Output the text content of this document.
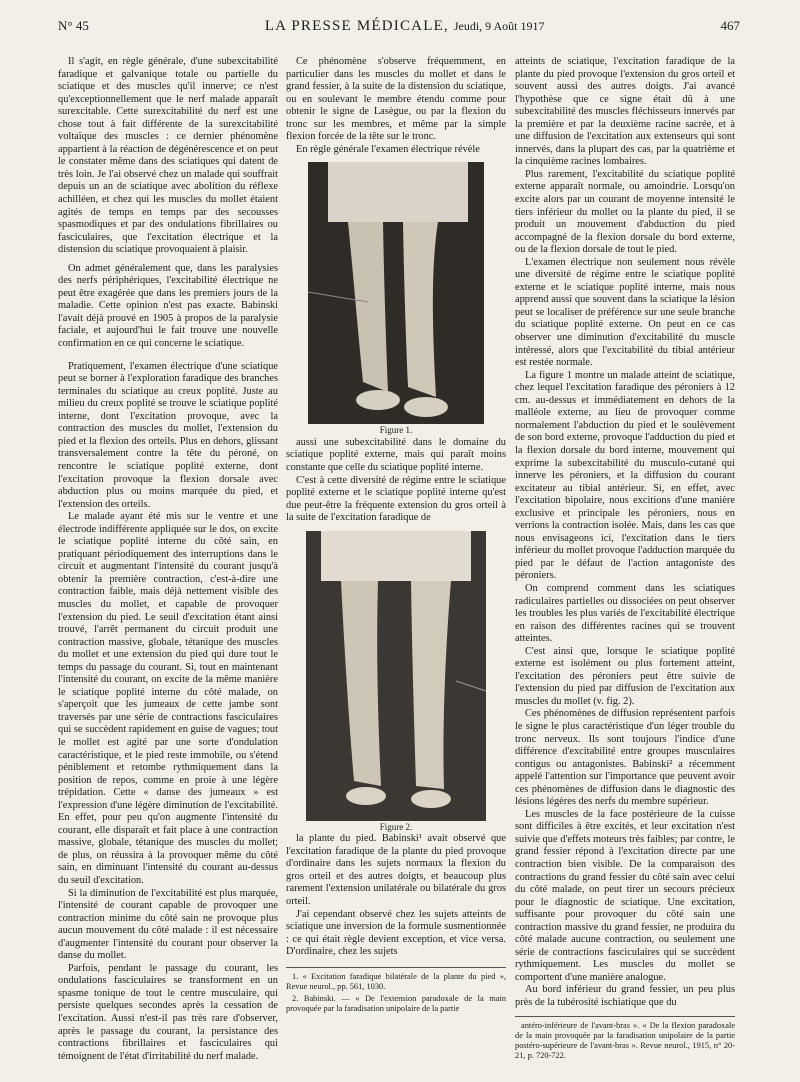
N° 45	LA PRESSE MÉDICALE, Jeudi, 9 Août 1917	467

Il s'agit, en règle générale, d'une subexcitabilité faradique et galvanique totale ou partielle du sciatique et des muscles qu'il innerve; ce n'est qu'exceptionnellement que le nerf malade apparaît surexcitable. Cette surexcitabilité du nerf est une chose tout à fait différente de la surexcitabilité voltaïque des muscles : ce dernier phénomène appartient à la réaction de dégénérescence et on peut le constater même dans des sciatiques qui datent de très loin. Je l'ai observé chez un malade qui souffrait depuis un an de sciatique avec abolition du réflexe achilléen, et chez qui les muscles du mollet étaient agités de temps en temps par des secousses spasmodiques et par des ondulations fibrillaires ou fasciculaires, que l'excitation électrique et la distension du sciatique provoquaient à plaisir.

On admet généralement que, dans les paralysies des nerfs périphériques, l'excitabilité électrique ne peut être exagérée que dans les premiers jours de la maladie. Cette opinion n'est pas exacte. Babinski l'avait déjà prouvé en 1905 à propos de la paralysie faciale, et aujourd'hui le fait trouve une nouvelle confirmation en ce qui concerne le sciatique.

Pratiquement, l'examen électrique d'une sciatique peut se borner à l'exploration faradique des branches terminales du sciatique au creux poplité. Juste au milieu du creux poplité se trouve le sciatique poplité interne, dont l'excitation provoque, avec la contraction des muscles du mollet, l'extension du pied et la flexion des orteils. Plus en dehors, glissant transversalement contre la tête du péroné, on rencontre le sciatique poplité externe, dont l'excitation provoque la flexion dorsale avec abduction plus ou moins marquée du pied, et l'extension des orteils.

Le malade ayant été mis sur le ventre et une électrode indifférente appliquée sur le dos, on excite le sciatique poplité interne du côté sain, en pratiquant périodiquement des interruptions dans le circuit et augmentant l'intensité du courant jusqu'à obtenir la première contraction, c'est-à-dire une contraction faible, mais déjà nettement visible des muscles du mollet, et capable de provoquer l'extension du pied. Le seuil d'excitation étant ainsi trouvé, l'arrêt permanent du circuit produit une contraction massive, globale, tétanique des muscles du mollet et une extension du pied qui dure tout le temps du passage du courant. Si, tout en maintenant l'intensité du courant, on excite de la même manière le sciatique poplité interne du côté malade, on s'aperçoit que les jumeaux de cette jambe sont traversés par une série de contractions fasciculaires qui se succèdent rapidement en guise de vagues; tout le mollet est agité par une sorte d'ondulation caractéristique, et le pied reste immobile, ou s'étend péniblement et retombe rythmiquement dans la position de repos, comme en proie à une légère trépidation. Cette « danse des jumeaux » est l'expression d'une légère diminution de l'excitabilité. En effet, pour peu qu'on augmente l'intensité du courant, elle disparaît et fait place à une contraction massive, globale, tétanique des muscles du mollet; de plus, on réussira à la provoquer même du côté sain, en diminuant l'intensité du courant au-dessus du seuil d'excitation.

Si la diminution de l'excitabilité est plus marquée, l'intensité de courant capable de provoquer une contraction minime du côté sain ne provoque plus aucun mouvement du côté malade : il est nécessaire d'augmenter l'intensité du courant pour observer la danse du mollet.

Parfois, pendant le passage du courant, les ondulations fasciculaires se transforment en un spasme tonique de tout le centre musculaire, qui persiste quelques secondes après la cessation de l'excitation. Aussi n'est-il pas très rare d'observer, après le passage du courant, la persistance des contractions fibrillaires et fasciculaires qui témoignent de l'état d'irritabilité du nerf malade.

Ce phénomène s'observe fréquemment, en particulier dans les muscles du mollet et dans le grand fessier, à la suite de la distension du sciatique, ou en soulevant le membre étendu comme pour obtenir le signe de Lasègue, ou par la flexion du tronc sur les membres, et même par la simple flexion forcée de la tête sur le tronc.

En règle générale l'examen électrique révèle

Figure 1.

aussi une subexcitabilité dans le domaine du sciatique poplité externe, mais qui paraît moins constante que celle du sciatique poplité interne.

C'est à cette diversité de régime entre le sciatique poplité externe et le sciatique poplité interne qu'est due peut-être la fréquente extension du gros orteil à la suite de l'excitation faradique de

Figure 2.

la plante du pied. Babinski¹ avait observé que l'excitation faradique de la plante du pied provoque d'ordinaire dans les sujets normaux la flexion du gros orteil et des autres doigts, et beaucoup plus rarement l'extension unilatérale ou bilatérale du gros orteil.

J'ai cependant observé chez les sujets atteints de sciatique une inversion de la formule susmentionnée : ce qui était règle devient exception, et vice versa. D'ordinaire, chez les sujets

1. « Excitation faradique bilatérale de la plante du pied », Revue neurol., pp. 561, 1030.
2. Babinski. — « De l'extension paradoxale de la main provoquée par la faradisation unipolaire de la partie

atteints de sciatique, l'excitation faradique de la plante du pied provoque l'extension du gros orteil et souvent aussi des autres doigts. J'ai avancé l'hypothèse que ce signe était dû à une subexcitabilité des muscles fléchisseurs innervés par la première et par la deuxième racine sacrée, et à une diffusion de l'excitation aux extenseurs qui sont innervés, dans la plupart des cas, par la quatrième et la cinquième racines lombaires.

Plus rarement, l'excitabilité du sciatique poplité externe apparaît normale, ou amoindrie. Lorsqu'on excite alors par un courant de moyenne intensité le tiers inférieur du mollet ou la plante du pied, il se produit un mouvement d'abduction du pied accompagné de la flexion dorsale du bord externe, ou de la flexion dorsale de tout le pied.

L'examen électrique non seulement nous révèle une diversité de régime entre le sciatique poplité externe et le sciatique poplité interne, mais nous apprend aussi que souvent dans la sciatique la lésion peut se localiser de préférence sur une seule branche du sciatique poplité externe. On peut en ce cas observer une diminution d'excitabilité du muscle intéressé, alors que l'excitabilité du tibial antérieur est restée normale.

La figure 1 montre un malade atteint de sciatique, chez lequel l'excitation faradique des péroniers à 12 cm. au-dessus et immédiatement en dehors de la malléole externe, au lieu de provoquer comme normalement l'abduction du pied et le soulèvement de son bord externe, provoque l'adduction du pied et la flexion dorsale du bord interne, mouvement qui exprime la subexcitabilité du musculo-cutané qui innerve les péroniers, et la diffusion du courant excitateur au tibial antérieur. Si, en effet, avec l'excitation bipolaire, nous excitions d'une manière exclusive et principale les péroniers, nous en verrions la contraction isolée. Mais, dans les cas que nous envisageons ici, l'excitation dans le tiers inférieur du mollet provoque l'adduction marquée du pied par le défaut de l'action antagoniste des péroniers.

On comprend comment dans les sciatiques radiculaires partielles ou dissociées on peut observer les troubles les plus variés de l'excitabilité électrique en raison des différentes racines qui se trouvent atteintes.

C'est ainsi que, lorsque le sciatique poplité externe est isolément ou plus fortement atteint, l'excitation des péroniers peut être suivie de l'extension du pied par diffusion de l'excitation aux muscles du mollet (v. fig. 2).

Ces phénomènes de diffusion représentent parfois le signe le plus caractéristique d'un léger trouble du tronc nerveux. Ils sont toujours l'indice d'une différence d'excitabilité entre groupes musculaires contigus ou antagonistes. Babinski² a récemment appelé l'attention sur l'importance que peuvent avoir ces phénomènes de diffusion dans le diagnostic des lésions légères des nerfs du membre supérieur.

Les muscles de la face postérieure de la cuisse sont difficiles à être excités, et leur excitation n'est suivie que d'effets moteurs très faibles; par contre, le grand fessier répond à l'excitation directe par une contraction bien visible. De la comparaison des contractions du grand fessier du côté sain avec celui du côté malade, on peut tirer un secours précieux pour le diagnostic de sciatique. Une excitation, suffisante pour provoquer du côté sain une contraction massive du grand fessier, ne produira du côté malade aucune contraction, ou seulement une série de contractions fasciculaires qui se succèdent rythmiquement. Les muscles du mollet se comportent d'une manière analogue.

Au bord inférieur du grand fessier, un peu plus près de la tubérosité ischiatique que du

antéro-inférieure de l'avant-bras ». « De la flexion paradoxale de la main provoquée par la faradisation unipolaire de la partie postéro-supérieure de l'avant-bras ». Revue neurol., 1915, n° 20-21, p. 720-722.
